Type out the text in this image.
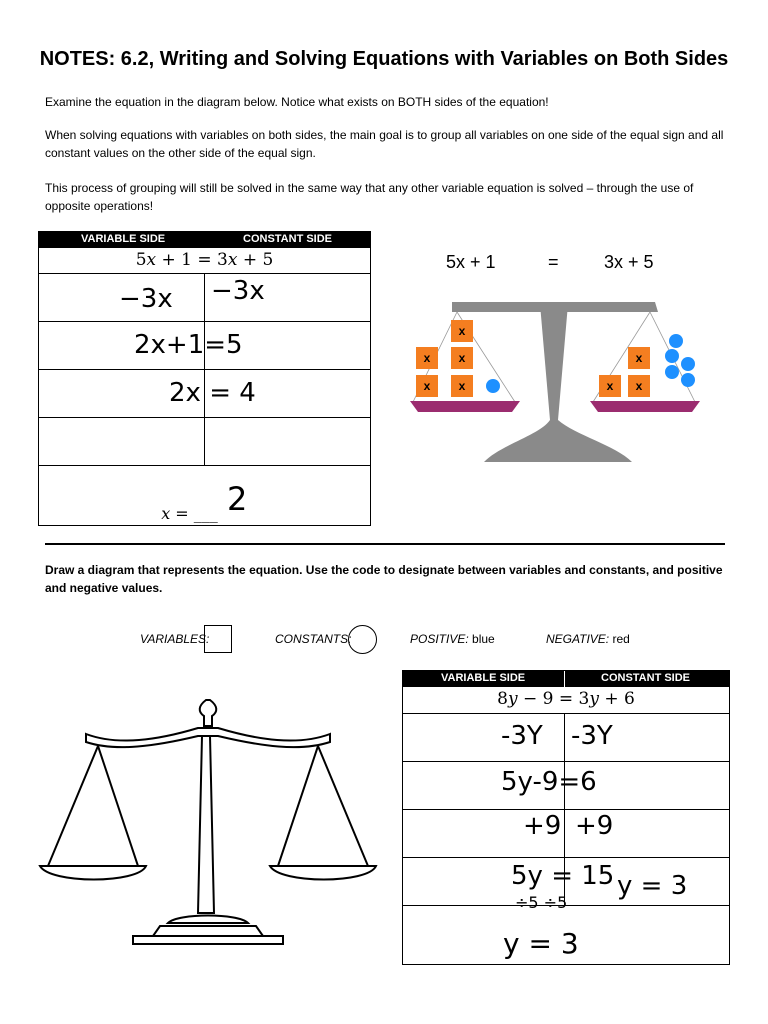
NOTES: 6.2, Writing and Solving Equations with Variables on Both Sides
Examine the equation in the diagram below. Notice what exists on BOTH sides of the equation!
When solving equations with variables on both sides, the main goal is to group all variables on one side of the equal sign and all constant values on the other side of the equal sign.
This process of grouping will still be solved in the same way that any other variable equation is solved – through the use of opposite operations!
VARIABLE SIDE	CONSTANT SIDE
5𝑥 + 1 = 3𝑥 + 5
−3x −3x
2x+1=5
2x = 4
𝑥 = ___ 2
5x + 1	=	3x + 5
x
x x
x x
x
x x
Draw a diagram that represents the equation. Use the code to designate between variables and constants, and positive and negative values.
VARIABLES:	CONSTANTS:	POSITIVE: blue	NEGATIVE: red
VARIABLE SIDE	CONSTANT SIDE
8𝑦 − 9 = 3𝑦 + 6
-3Y -3Y
5y-9=6
+9 +9
5y = 15 y = 3
÷5 ÷5
y = 3
